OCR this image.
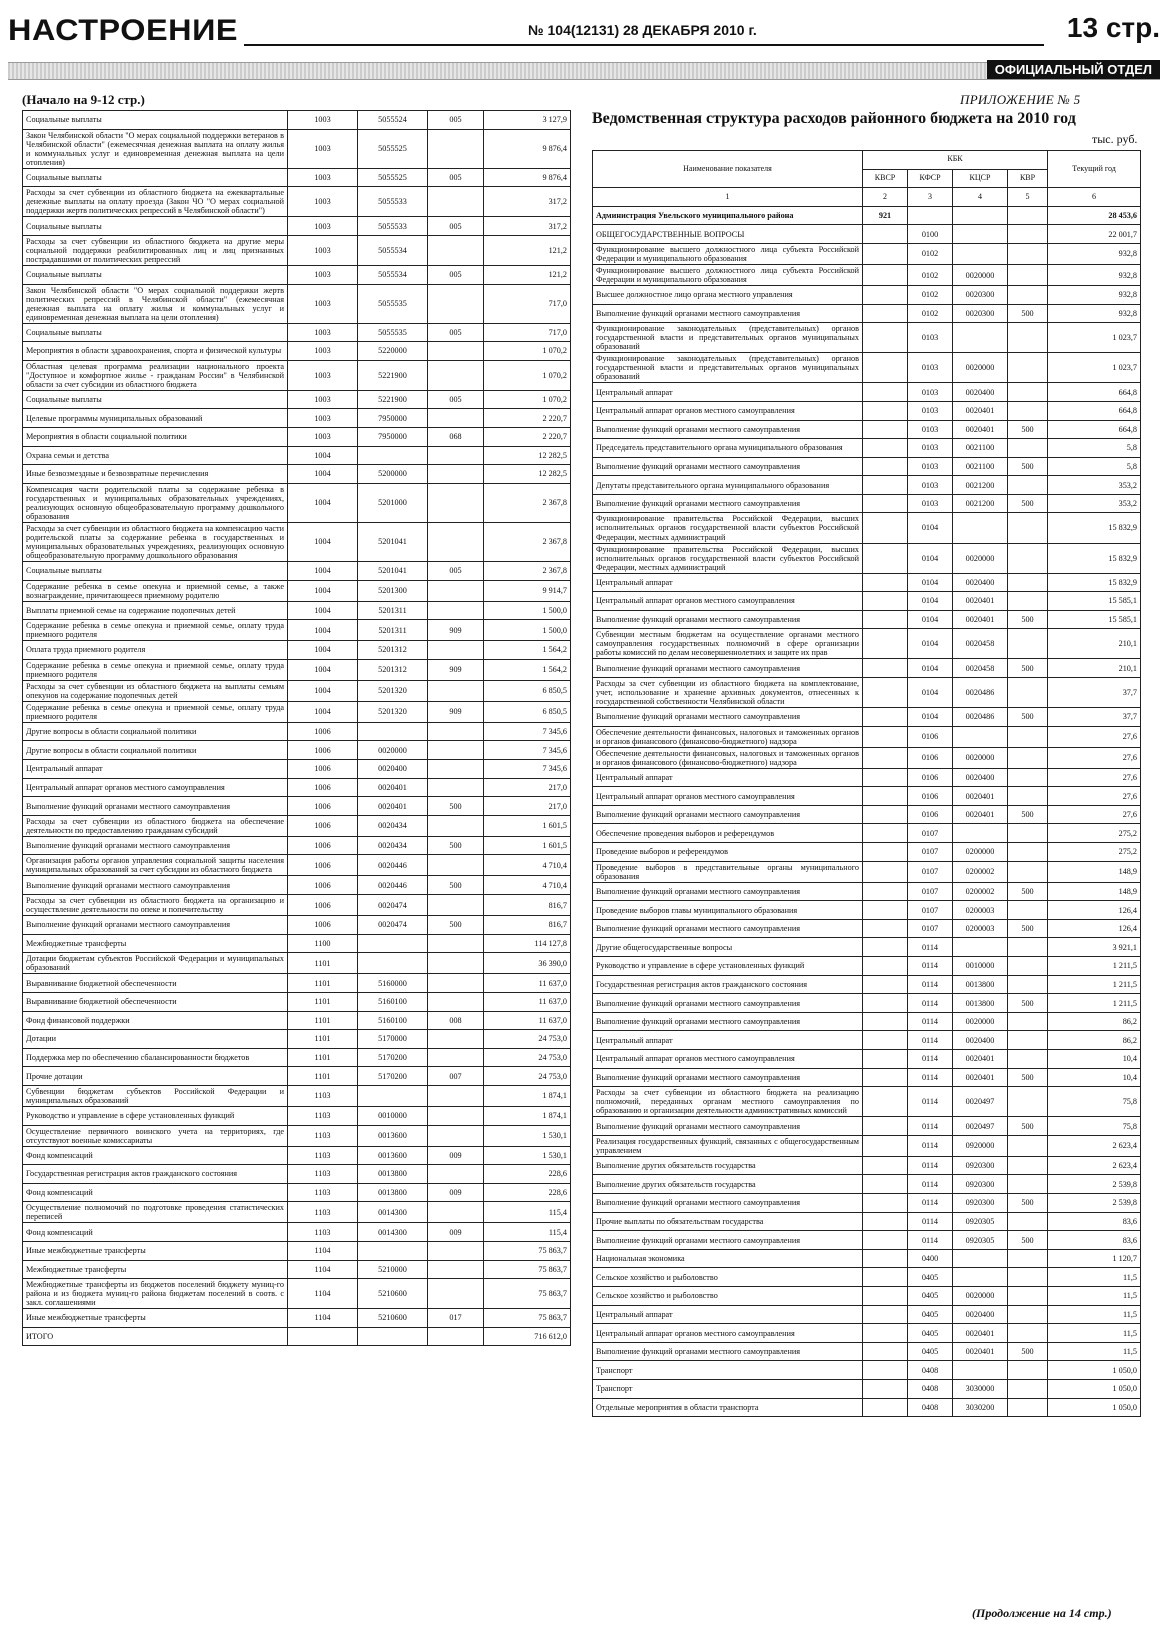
НАСТРОЕНИЕ	№ 104(12131) 28 ДЕКАБРЯ 2010 г.	13 стр.
ОФИЦИАЛЬНЫЙ ОТДЕЛ
(Начало на 9-12 стр.)	ПРИЛОЖЕНИЕ № 5
Ведомственная структура расходов районного бюджета на 2010 год
тыс. руб.
Социальные выплаты	1003	5055524	005	3 127,9
Закон Челябинской области "О мерах социальной поддержки ветеранов в Челябинской области" (ежемесячная денежная выплата на оплату жилья и коммунальных услуг и единовременная денежная выплата на цели отопления)	1003	5055525		9 876,4
Социальные выплаты	1003	5055525	005	9 876,4
Расходы за счет субвенции из областного бюджета на ежеквартальные денежные выплаты на оплату проезда (Закон ЧО "О мерах социальной поддержки жертв политических репрессий в Челябинской области")	1003	5055533		317,2
Социальные выплаты	1003	5055533	005	317,2
Расходы за счет субвенции из областного бюджета на другие меры социальной поддержки реабилитированных лиц и лиц признанных пострадавшими от политических репрессий	1003	5055534		121,2
Социальные выплаты	1003	5055534	005	121,2
Закон Челябинской области "О мерах социальной поддержки жертв политических репрессий в Челябинской области" (ежемесячная денежная выплата на оплату жилья и коммунальных услуг и единовременная денежная выплата на цели отопления)	1003	5055535		717,0
Социальные выплаты	1003	5055535	005	717,0
Мероприятия в области здравоохранения, спорта и физической культуры	1003	5220000		1 070,2
Областная целевая программа реализации национального проекта "Доступное и комфортное жилье - гражданам России" в Челябинской области за счет субсидии из областного бюджета	1003	5221900		1 070,2
Социальные выплаты	1003	5221900	005	1 070,2
Целевые программы муниципальных образований	1003	7950000		2 220,7
Мероприятия в области социальной политики	1003	7950000	068	2 220,7
Охрана семьи и детства	1004			12 282,5
Иные безвозмездные и безвозвратные перечисления	1004	5200000		12 282,5
Компенсация части родительской платы за содержание ребенка в государственных и муниципальных образовательных учреждениях, реализующих основную общеобразовательную программу дошкольного образования	1004	5201000		2 367,8
Расходы за счет субвенции из областного бюджета на компенсацию части родительской платы за содержание ребенка в государственных и муниципальных образовательных учреждениях, реализующих основную общеобразовательную программу дошкольного образования	1004	5201041		2 367,8
Социальные выплаты	1004	5201041	005	2 367,8
Содержание ребенка в семье опекуна и приемной семье, а также вознаграждение, причитающееся приемному родителю	1004	5201300		9 914,7
Выплаты приемной семье на содержание подопечных детей	1004	5201311		1 500,0
Содержание ребенка в семье опекуна и приемной семье, оплату труда приемного родителя	1004	5201311	909	1 500,0
Оплата труда приемного родителя	1004	5201312		1 564,2
Содержание ребенка в семье опекуна и приемной семье, оплату труда приемного родителя	1004	5201312	909	1 564,2
Расходы за счет субвенции из областного бюджета на выплаты семьям опекунов на содержание подопечных детей	1004	5201320		6 850,5
Содержание ребенка в семье опекуна и приемной семье, оплату труда приемного родителя	1004	5201320	909	6 850,5
Другие вопросы в области социальной политики	1006			7 345,6
Другие вопросы в области социальной политики	1006	0020000		7 345,6
Центральный аппарат	1006	0020400		7 345,6
Центральный аппарат органов местного самоуправления	1006	0020401		217,0
Выполнение функций органами местного самоуправления	1006	0020401	500	217,0
Расходы за счет субвенции из областного бюджета на обеспечение деятельности по предоставлению гражданам субсидий	1006	0020434		1 601,5
Выполнение функций органами местного самоуправления	1006	0020434	500	1 601,5
Организация работы органов управления социальной защиты населения муниципальных образований за счет субсидии из областного бюджета	1006	0020446		4 710,4
Выполнение функций органами местного самоуправления	1006	0020446	500	4 710,4
Расходы за счет субвенции из областного бюджета на организацию и осуществление деятельности по опеке и попечительству	1006	0020474		816,7
Выполнение функций органами местного самоуправления	1006	0020474	500	816,7
Межбюджетные трансферты	1100			114 127,8
Дотации бюджетам субъектов Российской Федерации и муниципальных образований	1101			36 390,0
Выравнивание бюджетной обеспеченности	1101	5160000		11 637,0
Выравнивание бюджетной обеспеченности	1101	5160100		11 637,0
Фонд финансовой поддержки	1101	5160100	008	11 637,0
Дотации	1101	5170000		24 753,0
Поддержка мер по обеспечению сбалансированности бюджетов	1101	5170200		24 753,0
Прочие дотации	1101	5170200	007	24 753,0
Субвенции бюджетам субъектов Российской Федерации и муниципальных образований	1103			1 874,1
Руководство и управление в сфере установленных функций	1103	0010000		1 874,1
Осуществление первичного воинского учета на территориях, где отсутствуют военные комиссариаты	1103	0013600		1 530,1
Фонд компенсаций	1103	0013600	009	1 530,1
Государственная регистрация актов гражданского состояния	1103	0013800		228,6
Фонд компенсаций	1103	0013800	009	228,6
Осуществление полномочий по подготовке проведения статистических переписей	1103	0014300		115,4
Фонд компенсаций	1103	0014300	009	115,4
Иные межбюджетные трансферты	1104			75 863,7
Межбюджетные трансферты	1104	5210000		75 863,7
Межбюджетные трансферты из бюджетов поселений бюджету муниц-го района и из бюджета муниц-го района бюджетам поселений в соотв. с закл. соглашениями	1104	5210600		75 863,7
Иные межбюджетные трансферты	1104	5210600	017	75 863,7
ИТОГО				716 612,0
Наименование показателя	КБК				Текущий год
	КВСР	КФСР	КЦСР	КВР	
1	2	3	4	5	6
Администрация Увельского муниципального района	921				28 453,6
ОБЩЕГОСУДАРСТВЕННЫЕ ВОПРОСЫ		0100			22 001,7
Функционирование высшего должностного лица субъекта Российской Федерации и муниципального образования		0102			932,8
Функционирование высшего должностного лица субъекта Российской Федерации и муниципального образования		0102	0020000		932,8
Высшее должностное лицо органа местного управления		0102	0020300		932,8
Выполнение функций органами местного самоуправления		0102	0020300	500	932,8
Функционирование законодательных (представительных) органов государственной власти и представительных органов муниципальных образований		0103			1 023,7
Функционирование законодательных (представительных) органов государственной власти и представительных органов муниципальных образований		0103	0020000		1 023,7
Центральный аппарат		0103	0020400		664,8
Центральный аппарат органов местного самоуправления		0103	0020401		664,8
Выполнение функций органами местного самоуправления		0103	0020401	500	664,8
Председатель представительного органа муниципального образования		0103	0021100		5,8
Выполнение функций органами местного самоуправления		0103	0021100	500	5,8
Депутаты представительного органа муниципального образования		0103	0021200		353,2
Выполнение функций органами местного самоуправления		0103	0021200	500	353,2
Функционирование правительства Российской Федерации, высших исполнительных органов государственной власти субъектов Российской Федерации, местных администраций		0104			15 832,9
Функционирование правительства Российской Федерации, высших исполнительных органов государственной власти субъектов Российской Федерации, местных администраций		0104	0020000		15 832,9
Центральный аппарат		0104	0020400		15 832,9
Центральный аппарат органов местного самоуправления		0104	0020401		15 585,1
Выполнение функций органами местного самоуправления		0104	0020401	500	15 585,1
Субвенции местным бюджетам на осуществление органами местного самоуправления государственных полномочий в сфере организации работы комиссий по делам несовершеннолетних и защите их прав		0104	0020458		210,1
Выполнение функций органами местного самоуправления		0104	0020458	500	210,1
Расходы за счет субвенции из областного бюджета на комплектование, учет, использование и хранение архивных документов, отнесенных к государственной собственности Челябинской области		0104	0020486		37,7
Выполнение функций органами местного самоуправления		0104	0020486	500	37,7
Обеспечение деятельности финансовых, налоговых и таможенных органов и органов финансового (финансово-бюджетного) надзора		0106			27,6
Обеспечение деятельности финансовых, налоговых и таможенных органов и органов финансового (финансово-бюджетного) надзора		0106	0020000		27,6
Центральный аппарат		0106	0020400		27,6
Центральный аппарат органов местного самоуправления		0106	0020401		27,6
Выполнение функций органами местного самоуправления		0106	0020401	500	27,6
Обеспечение проведения выборов и референдумов		0107			275,2
Проведение выборов и референдумов		0107	0200000		275,2
Проведение выборов в представительные органы муниципального образования		0107	0200002		148,9
Выполнение функций органами местного самоуправления		0107	0200002	500	148,9
Проведение выборов главы муниципального образования		0107	0200003		126,4
Выполнение функций органами местного самоуправления		0107	0200003	500	126,4
Другие общегосударственные вопросы		0114			3 921,1
Руководство и управление в сфере установленных функций		0114	0010000		1 211,5
Государственная регистрация актов гражданского состояния		0114	0013800		1 211,5
Выполнение функций органами местного самоуправления		0114	0013800	500	1 211,5
Выполнение функций органами местного самоуправления		0114	0020000		86,2
Центральный аппарат		0114	0020400		86,2
Центральный аппарат органов местного самоуправления		0114	0020401		10,4
Выполнение функций органами местного самоуправления		0114	0020401	500	10,4
Расходы за счет субвенции из областного бюджета на реализацию полномочий, переданных органам местного самоуправления по образованию и организации деятельности административных комиссий		0114	0020497		75,8
Выполнение функций органами местного самоуправления		0114	0020497	500	75,8
Реализация государственных функций, связанных с общегосударственным управлением		0114	0920000		2 623,4
Выполнение других обязательств государства		0114	0920300		2 623,4
Выполнение других обязательств государства		0114	0920300		2 539,8
Выполнение функций органами местного самоуправления		0114	0920300	500	2 539,8
Прочие выплаты по обязательствам государства		0114	0920305		83,6
Выполнение функций органами местного самоуправления		0114	0920305	500	83,6
Национальная экономика		0400			1 120,7
Сельское хозяйство и рыболовство		0405			11,5
Сельское хозяйство и рыболовство		0405	0020000		11,5
Центральный аппарат		0405	0020400		11,5
Центральный аппарат органов местного самоуправления		0405	0020401		11,5
Выполнение функций органами местного самоуправления		0405	0020401	500	11,5
Транспорт		0408			1 050,0
Транспорт		0408	3030000		1 050,0
Отдельные мероприятия в области транспорта		0408	3030200		1 050,0
(Продолжение на 14 стр.)
